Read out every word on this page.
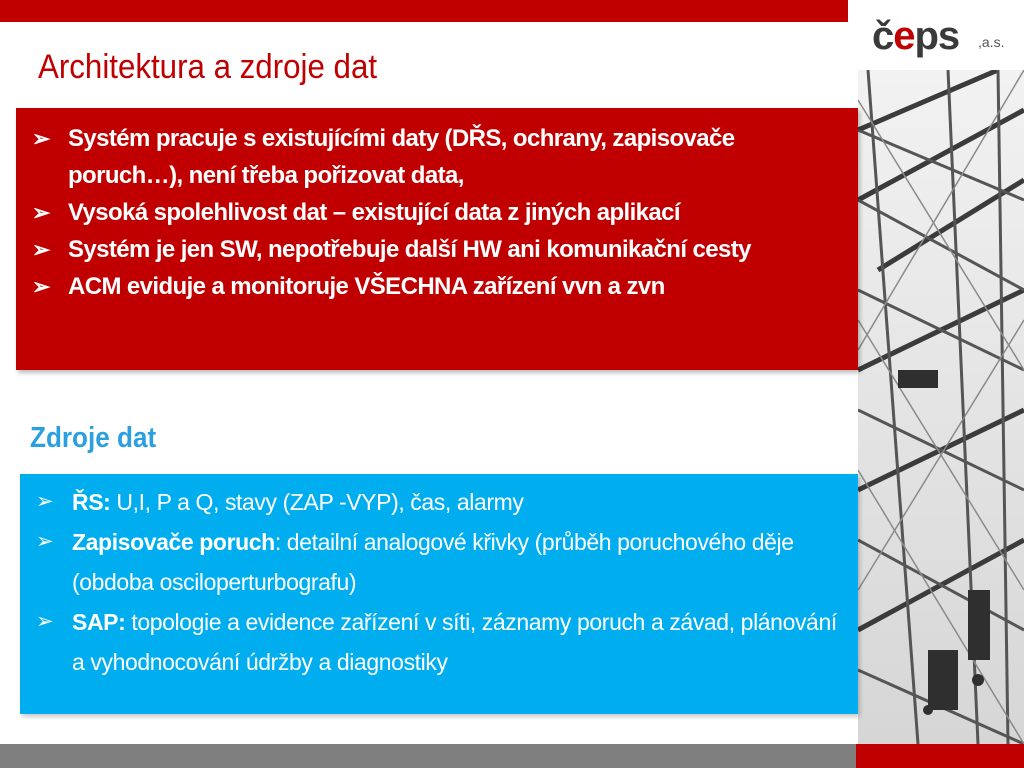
čeps ,a.s.
Architektura a zdroje dat
➢ Systém pracuje s existujícími daty (DŘS, ochrany, zapisovače poruch…), není třeba pořizovat data,
➢ Vysoká spolehlivost dat – existující data z jiných aplikací
➢ Systém je jen SW, nepotřebuje další HW ani komunikační cesty
➢ ACM eviduje a monitoruje VŠECHNA zařízení vvn a zvn
Zdroje dat
➢ ŘS: U,I, P a Q, stavy (ZAP -VYP), čas, alarmy
➢ Zapisovače poruch: detailní analogové křivky (průběh poruchového děje (obdoba osciloperturbografu)
➢ SAP: topologie a evidence zařízení v síti, záznamy poruch a závad, plánování a vyhodnocování údržby a diagnostiky
